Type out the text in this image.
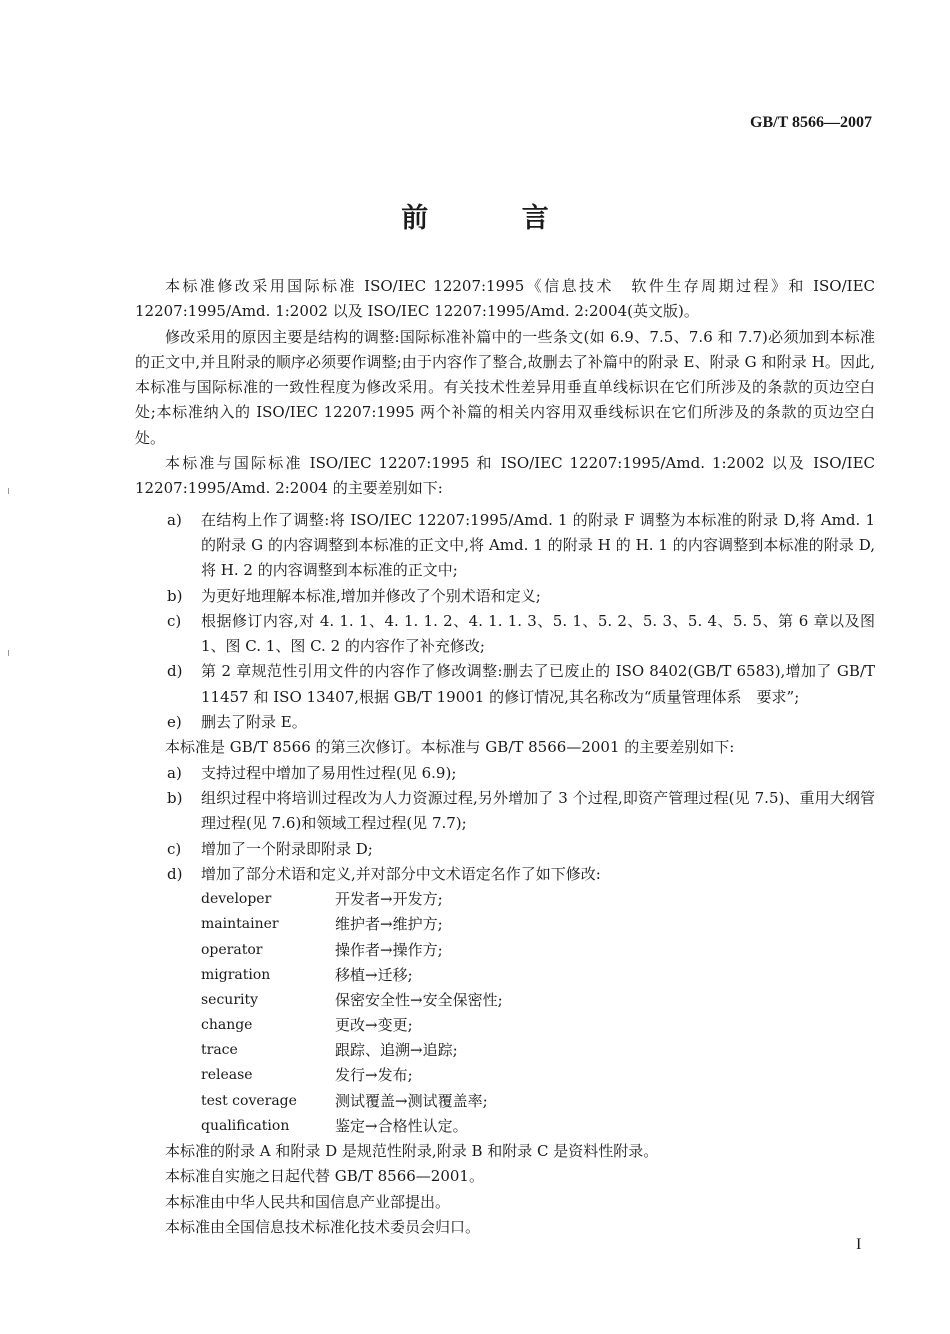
GB/T 8566—2007
前 言

本标准修改采用国际标准 ISO/IEC 12207:1995《信息技术　软件生存周期过程》和 ISO/IEC 12207:1995/Amd. 1:2002 以及 ISO/IEC 12207:1995/Amd. 2:2004(英文版)。

修改采用的原因主要是结构的调整:国际标准补篇中的一些条文(如 6.9、7.5、7.6 和 7.7)必须加到本标准的正文中,并且附录的顺序必须要作调整;由于内容作了整合,故删去了补篇中的附录 E、附录 G 和附录 H。因此,本标准与国际标准的一致性程度为修改采用。有关技术性差异用垂直单线标识在它们所涉及的条款的页边空白处;本标准纳入的 ISO/IEC 12207:1995 两个补篇的相关内容用双垂线标识在它们所涉及的条款的页边空白处。

本标准与国际标准 ISO/IEC 12207:1995 和 ISO/IEC 12207:1995/Amd. 1:2002 以及 ISO/IEC 12207:1995/Amd. 2:2004 的主要差别如下:

a) 在结构上作了调整:将 ISO/IEC 12207:1995/Amd. 1 的附录 F 调整为本标准的附录 D,将 Amd. 1 的附录 G 的内容调整到本标准的正文中,将 Amd. 1 的附录 H 的 H. 1 的内容调整到本标准的附录 D,将 H. 2 的内容调整到本标准的正文中;
b) 为更好地理解本标准,增加并修改了个别术语和定义;
c) 根据修订内容,对 4. 1. 1、4. 1. 1. 2、4. 1. 1. 3、5. 1、5. 2、5. 3、5. 4、5. 5、第 6 章以及图 1、图 C. 1、图 C. 2 的内容作了补充修改;
d) 第 2 章规范性引用文件的内容作了修改调整:删去了已废止的 ISO 8402(GB/T 6583),增加了 GB/T 11457 和 ISO 13407,根据 GB/T 19001 的修订情况,其名称改为“质量管理体系　要求”;
e) 删去了附录 E。

本标准是 GB/T 8566 的第三次修订。本标准与 GB/T 8566—2001 的主要差别如下:

a) 支持过程中增加了易用性过程(见 6.9);
b) 组织过程中将培训过程改为人力资源过程,另外增加了 3 个过程,即资产管理过程(见 7.5)、重用大纲管理过程(见 7.6)和领域工程过程(见 7.7);
c) 增加了一个附录即附录 D;
d) 增加了部分术语和定义,并对部分中文术语定名作了如下修改:
developer	开发者→开发方;
maintainer	维护者→维护方;
operator	操作者→操作方;
migration	移植→迁移;
security	保密安全性→安全保密性;
change	更改→变更;
trace	跟踪、追溯→追踪;
release	发行→发布;
test coverage	测试覆盖→测试覆盖率;
qualification	鉴定→合格性认定。

本标准的附录 A 和附录 D 是规范性附录,附录 B 和附录 C 是资料性附录。

本标准自实施之日起代替 GB/T 8566—2001。

本标准由中华人民共和国信息产业部提出。

本标准由全国信息技术标准化技术委员会归口。

I
